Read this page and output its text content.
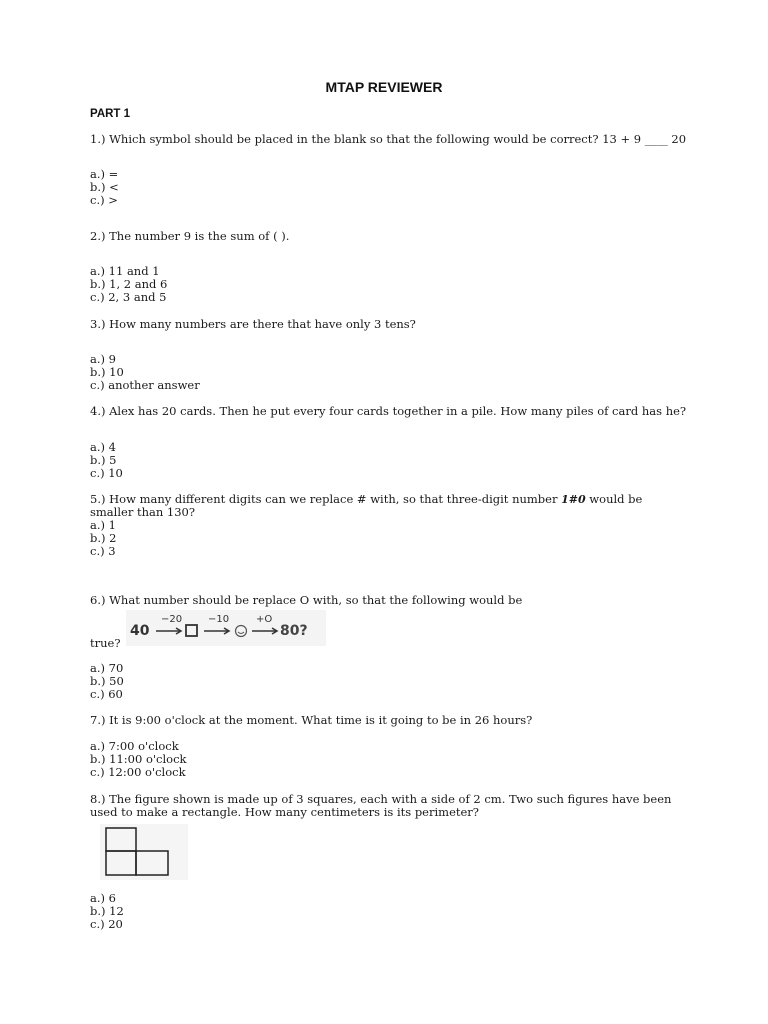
MTAP REVIEWER
PART 1
1.) Which symbol should be placed in the blank so that the following would be correct? 13 + 9 ____ 20
a.) =
b.) <
c.) >
2.) The number 9 is the sum of ( ).
a.) 11 and 1
b.) 1, 2 and 6
c.) 2, 3 and 5
3.) How many numbers are there that have only 3 tens?
a.) 9
b.) 10
c.) another answer
4.) Alex has 20 cards. Then he put every four cards together in a pile. How many piles of card has he?
a.) 4
b.) 5
c.) 10
5.) How many different digits can we replace # with, so that three-digit number 1#0 would be smaller than 130?
a.) 1
b.) 2
c.) 3
6.) What number should be replace O with, so that the following would be
40
−20	−10	+O
80?
true?
a.) 70
b.) 50
c.) 60
7.) It is 9:00 o'clock at the moment. What time is it going to be in 26 hours?
a.) 7:00 o'clock
b.) 11:00 o'clock
c.) 12:00 o'clock
8.) The figure shown is made up of 3 squares, each with a side of 2 cm. Two such figures have been used to make a rectangle. How many centimeters is its perimeter?
a.) 6
b.) 12
c.) 20
